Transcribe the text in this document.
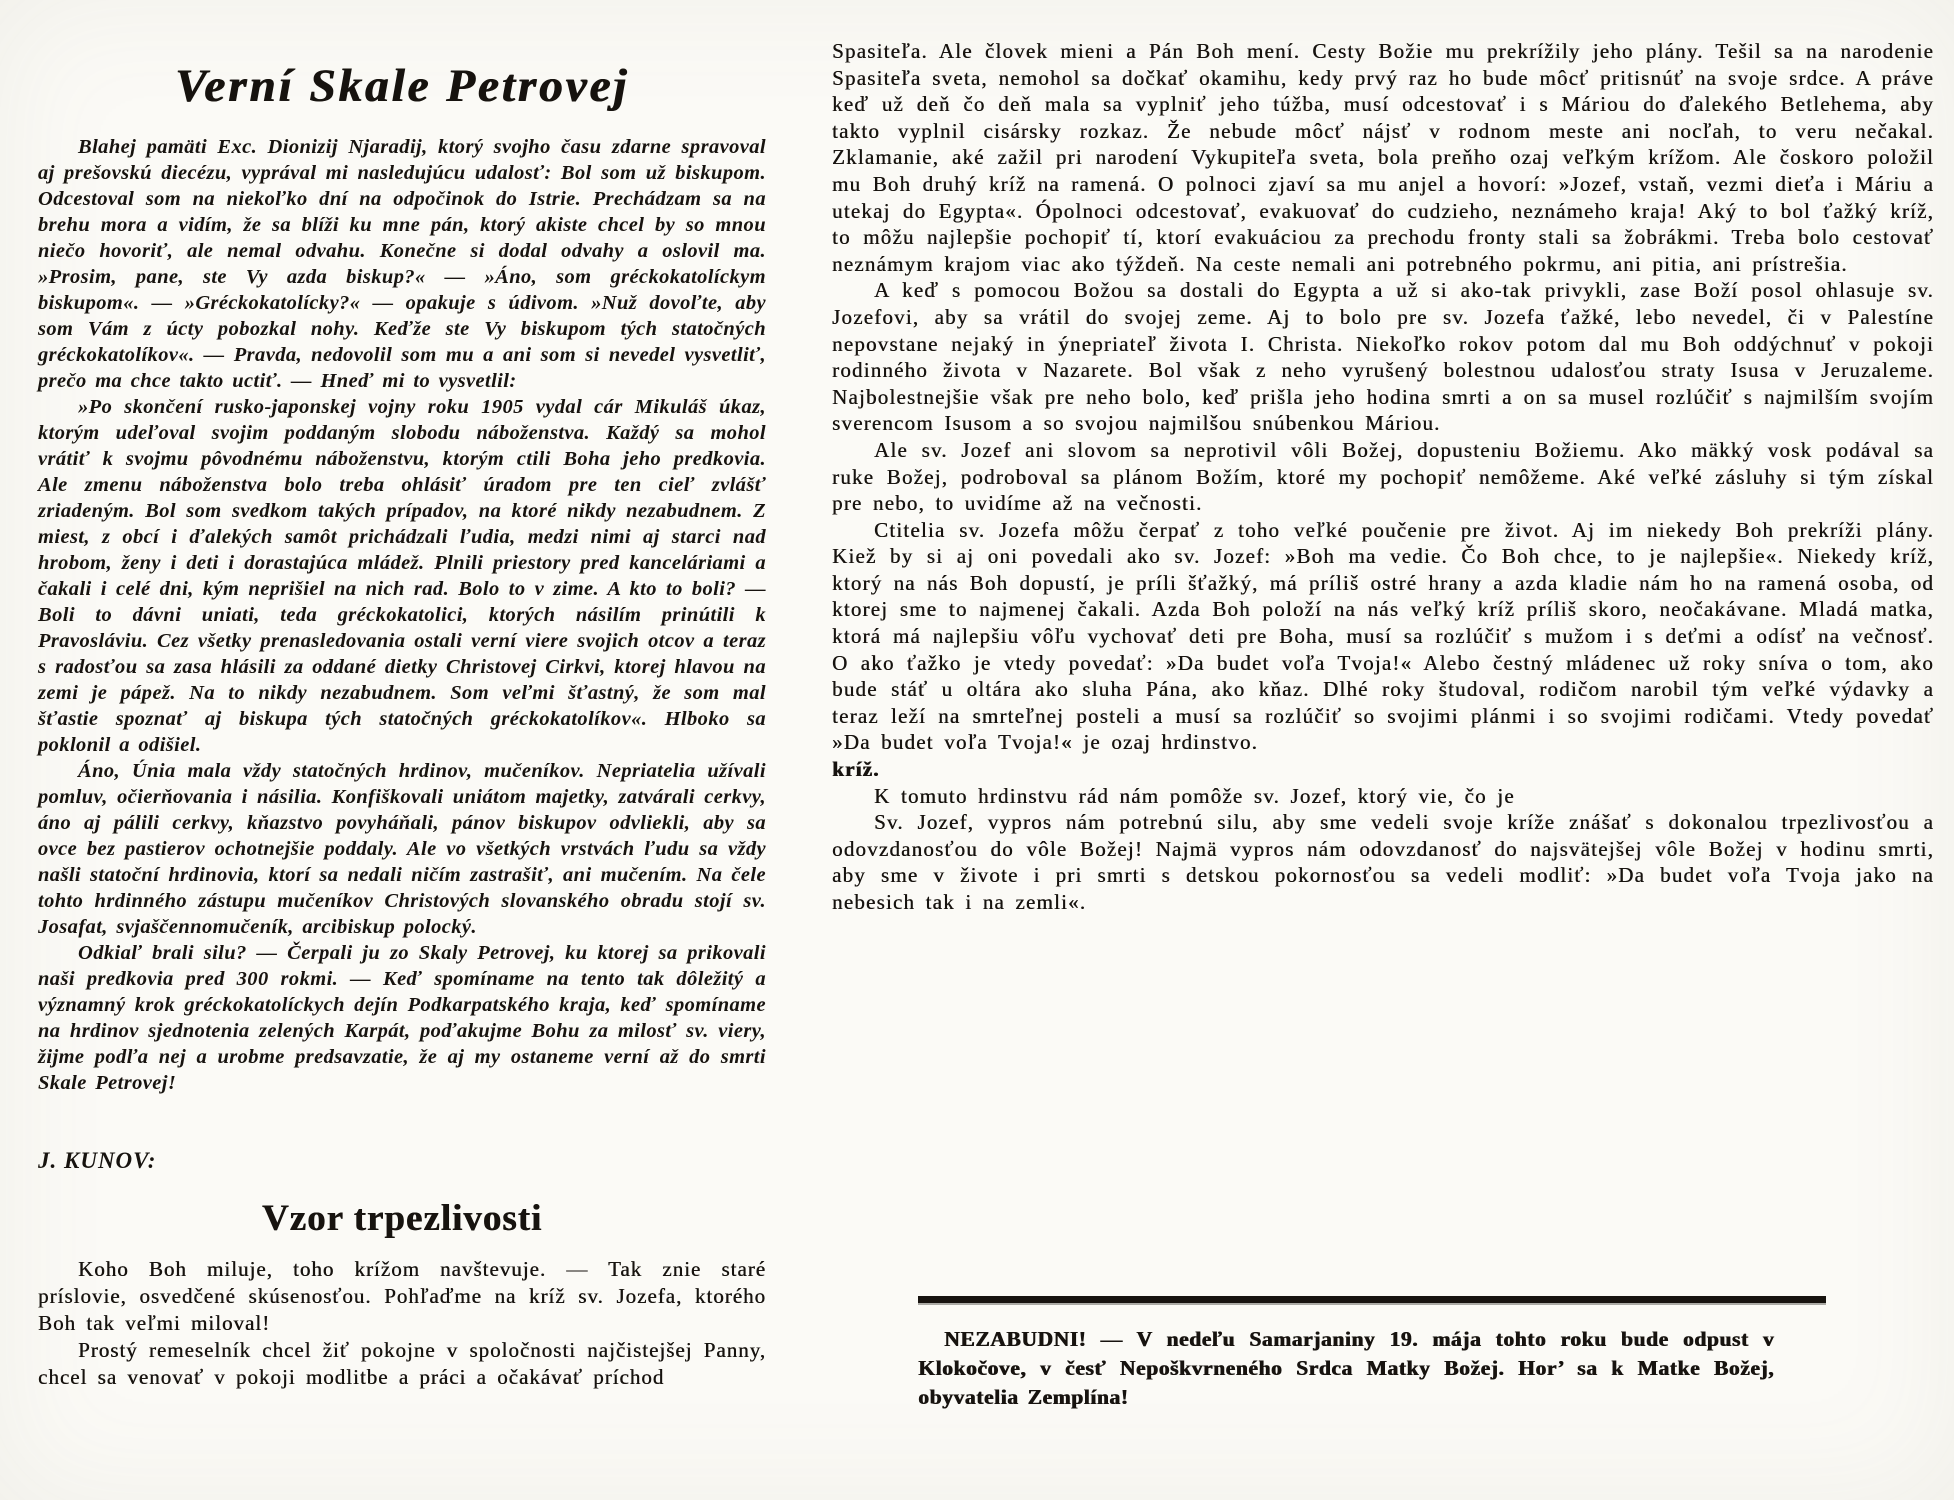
Verní Skale Petrovej

Blahej pamäti Exc. Dionizij Njaradij, ktorý svojho času zdarne spravoval aj prešovskú diecézu, vyprával mi nasledujúcu udalosť: Bol som už biskupom. Odcestoval som na niekoľko dní na odpočinok do Istrie. Prechádzam sa na brehu mora a vidím, že sa blíži ku mne pán, ktorý akiste chcel by so mnou niečo hovoriť, ale nemal odvahu. Konečne si dodal odvahy a oslovil ma. »Prosim, pane, ste Vy azda biskup?« — »Áno, som gréckokatolíckym biskupom«. — »Gréckokatolícky?« — opakuje s údivom. »Nuž dovoľte, aby som Vám z úcty pobozkal nohy. Keďže ste Vy biskupom tých statočných gréckokatolíkov«. — Pravda, nedovolil som mu a ani som si nevedel vysvetliť, prečo ma chce takto uctiť. — Hneď mi to vysvetlil:

»Po skončení rusko-japonskej vojny roku 1905 vydal cár Mikuláš úkaz, ktorým udeľoval svojim poddaným slobodu náboženstva. Každý sa mohol vrátiť k svojmu pôvodnému náboženstvu, ktorým ctili Boha jeho predkovia. Ale zmenu náboženstva bolo treba ohlásiť úradom pre ten cieľ zvlášť zriadeným. Bol som svedkom takých prípadov, na ktoré nikdy nezabudnem. Z miest, z obcí i ďalekých samôt prichádzali ľudia, medzi nimi aj starci nad hrobom, ženy i deti i dorastajúca mládež. Plnili priestory pred kanceláriami a čakali i celé dni, kým neprišiel na nich rad. Bolo to v zime. A kto to boli? — Boli to dávni uniati, teda gréckokatolici, ktorých násilím prinútili k Pravosláviu. Cez všetky prenasledovania ostali verní viere svojich otcov a teraz s radosťou sa zasa hlásili za oddané dietky Christovej Cirkvi, ktorej hlavou na zemi je pápež. Na to nikdy nezabudnem. Som veľmi šťastný, že som mal šťastie spoznať aj biskupa tých statočných gréckokatolíkov«. Hlboko sa poklonil a odišiel.

Áno, Únia mala vždy statočných hrdinov, mučeníkov. Nepriatelia užívali pomluv, očierňovania i násilia. Konfiškovali uniátom majetky, zatvárali cerkvy, áno aj pálili cerkvy, kňazstvo povyháňali, pánov biskupov odvliekli, aby sa ovce bez pastierov ochotnejšie poddaly. Ale vo všetkých vrstvách ľudu sa vždy našli statoční hrdinovia, ktorí sa nedali ničím zastrašiť, ani mučením. Na čele tohto hrdinného zástupu mučeníkov Christových slovanského obradu stojí sv. Josafat, svjaščennomučeník, arcibiskup polocký.

Odkiaľ brali silu? — Čerpali ju zo Skaly Petrovej, ku ktorej sa prikovali naši predkovia pred 300 rokmi. — Keď spomíname na tento tak dôležitý a významný krok gréckokatolíckych dejín Podkarpatského kraja, keď spomíname na hrdinov sjednotenia zelených Karpát, poďakujme Bohu za milosť sv. viery, žijme podľa nej a urobme predsavzatie, že aj my ostaneme verní až do smrti Skale Petrovej!

J. KUNOV:
Vzor trpezlivosti

Koho Boh miluje, toho krížom navštevuje. — Tak znie staré príslovie, osvedčené skúsenosťou. Pohľaďme na kríž sv. Jozefa, ktorého Boh tak veľmi miloval!

Prostý remeselník chcel žiť pokojne v spoločnosti najčistejšej Panny, chcel sa venovať v pokoji modlitbe a práci a očakávať príchod

Spasiteľa. Ale človek mieni a Pán Boh mení. Cesty Božie mu prekrížily jeho plány. Tešil sa na narodenie Spasiteľa sveta, nemohol sa dočkať okamihu, kedy prvý raz ho bude môcť pritisnúť na svoje srdce. A práve keď už deň čo deň mala sa vyplniť jeho túžba, musí odcestovať i s Máriou do ďalekého Betlehema, aby takto vyplnil cisársky rozkaz. Že nebude môcť nájsť v rodnom meste ani nocľah, to veru nečakal. Zklamanie, aké zažil pri narodení Vykupiteľa sveta, bola preňho ozaj veľkým krížom. Ale čoskoro položil mu Boh druhý kríž na ramená. O polnoci zjaví sa mu anjel a hovorí: »Jozef, vstaň, vezmi dieťa i Máriu a utekaj do Egypta«. Ópolnoci odcestovať, evakuovať do cudzieho, neznámeho kraja! Aký to bol ťažký kríž, to môžu najlepšie pochopiť tí, ktorí evakuáciou za prechodu fronty stali sa žobrákmi. Treba bolo cestovať neznámym krajom viac ako týždeň. Na ceste nemali ani potrebného pokrmu, ani pitia, ani prístrešia.

A keď s pomocou Božou sa dostali do Egypta a už si ako-tak privykli, zase Boží posol ohlasuje sv. Jozefovi, aby sa vrátil do svojej zeme. Aj to bolo pre sv. Jozefa ťažké, lebo nevedel, či v Palestíne nepovstane nejaký in ýnepriateľ života I. Christa. Niekoľko rokov potom dal mu Boh oddýchnuť v pokoji rodinného života v Nazarete. Bol však z neho vyrušený bolestnou udalosťou straty Isusa v Jeruzaleme. Najbolestnejšie však pre neho bolo, keď prišla jeho hodina smrti a on sa musel rozlúčiť s najmilším svojím sverencom Isusom a so svojou najmilšou snúbenkou Máriou.

Ale sv. Jozef ani slovom sa neprotivil vôli Božej, dopusteniu Božiemu. Ako mäkký vosk podával sa ruke Božej, podroboval sa plánom Božím, ktoré my pochopiť nemôžeme. Aké veľké zásluhy si tým získal pre nebo, to uvidíme až na večnosti.

Ctitelia sv. Jozefa môžu čerpať z toho veľké poučenie pre život. Aj im niekedy Boh prekríži plány. Kiež by si aj oni povedali ako sv. Jozef: »Boh ma vedie. Čo Boh chce, to je najlepšie«. Niekedy kríž, ktorý na nás Boh dopustí, je príli šťažký, má príliš ostré hrany a azda kladie nám ho na ramená osoba, od ktorej sme to najmenej čakali. Azda Boh položí na nás veľký kríž príliš skoro, neočakávane. Mladá matka, ktorá má najlepšiu vôľu vychovať deti pre Boha, musí sa rozlúčiť s mužom i s deťmi a odísť na večnosť. O ako ťažko je vtedy povedať: »Da budet voľa Tvoja!« Alebo čestný mládenec už roky sníva o tom, ako bude stáť u oltára ako sluha Pána, ako kňaz. Dlhé roky študoval, rodičom narobil tým veľké výdavky a teraz leží na smrteľnej posteli a musí sa rozlúčiť so svojimi plánmi i so svojimi rodičami. Vtedy povedať »Da budet voľa Tvoja!« je ozaj hrdinstvo.

kríž.

K tomuto hrdinstvu rád nám pomôže sv. Jozef, ktorý vie, čo je

Sv. Jozef, vypros nám potrebnú silu, aby sme vedeli svoje kríže znášať s dokonalou trpezlivosťou a odovzdanosťou do vôle Božej! Najmä vypros nám odovzdanosť do najsvätejšej vôle Božej v hodinu smrti, aby sme v živote i pri smrti s detskou pokornosťou sa vedeli modliť: »Da budet voľa Tvoja jako na nebesich tak i na zemli«.

NEZABUDNI! — V nedeľu Samarjaniny 19. mája tohto roku bude odpust v Klokočove, v česť Nepoškvrneného Srdca Matky Božej. Hor’ sa k Matke Božej, obyvatelia Zemplína!
